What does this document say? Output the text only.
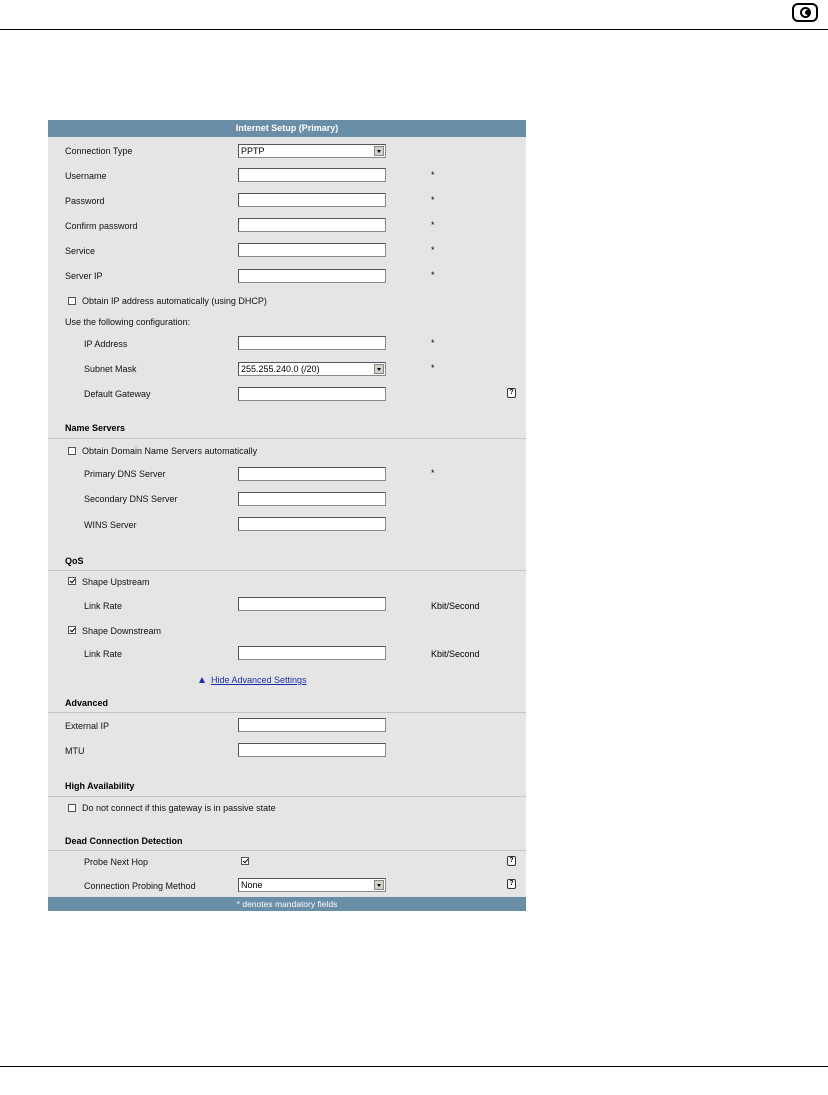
Internet Setup (Primary)
Connection Type	PPTP
Username	*
Password	*
Confirm password	*
Service	*
Server IP	*
Obtain IP address automatically (using DHCP)
Use the following configuration:
IP Address	*
Subnet Mask	255.255.240.0 (/20)	*
Default Gateway	?
Name Servers
Obtain Domain Name Servers automatically
Primary DNS Server	*
Secondary DNS Server
WINS Server
QoS
Shape Upstream
Link Rate	Kbit/Second
Shape Downstream
Link Rate	Kbit/Second
Hide Advanced Settings
Advanced
External IP
MTU
High Availability
Do not connect if this gateway is in passive state
Dead Connection Detection
Probe Next Hop	?
Connection Probing Method	None	?
* denotes mandatory fields
